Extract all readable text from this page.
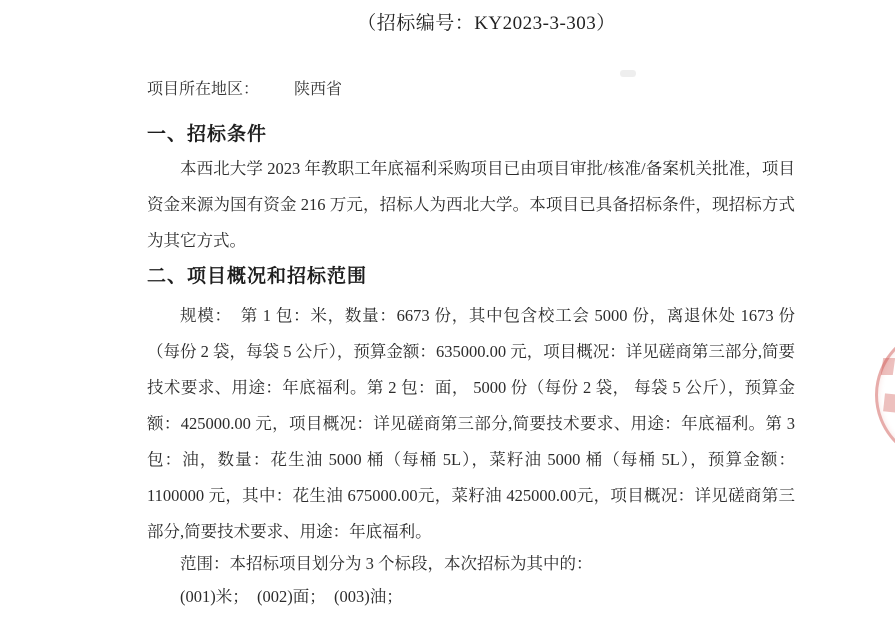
（招标编号：KY2023-3-303）
项目所在地区： 陕西省
一、招标条件

本西北大学 2023 年教职工年底福利采购项目已由项目审批/核准/备案机关批准，项目资金来源为国有资金 216 万元，招标人为西北大学。本项目已具备招标条件，现招标方式为其它方式。

二、项目概况和招标范围

规模：　第 1 包：米，数量：6673 份，其中包含校工会 5000 份，离退休处 1673 份（每份 2 袋，每袋 5 公斤），预算金额：635000.00 元，项目概况：详见磋商第三部分,简要技术要求、用途：年底福利。第 2 包：面， 5000 份（每份 2 袋， 每袋 5 公斤），预算金额：425000.00 元，项目概况：详见磋商第三部分,简要技术要求、用途：年底福利。第 3 包：油，数量：花生油 5000 桶（每桶 5L），菜籽油 5000 桶（每桶 5L），预算金额：1100000 元，其中：花生油 675000.00元，菜籽油 425000.00元，项目概况：详见磋商第三部分,简要技术要求、用途：年底福利。

范围：本招标项目划分为 3 个标段，本次招标为其中的：

(001)米；　(002)面；　(003)油；
